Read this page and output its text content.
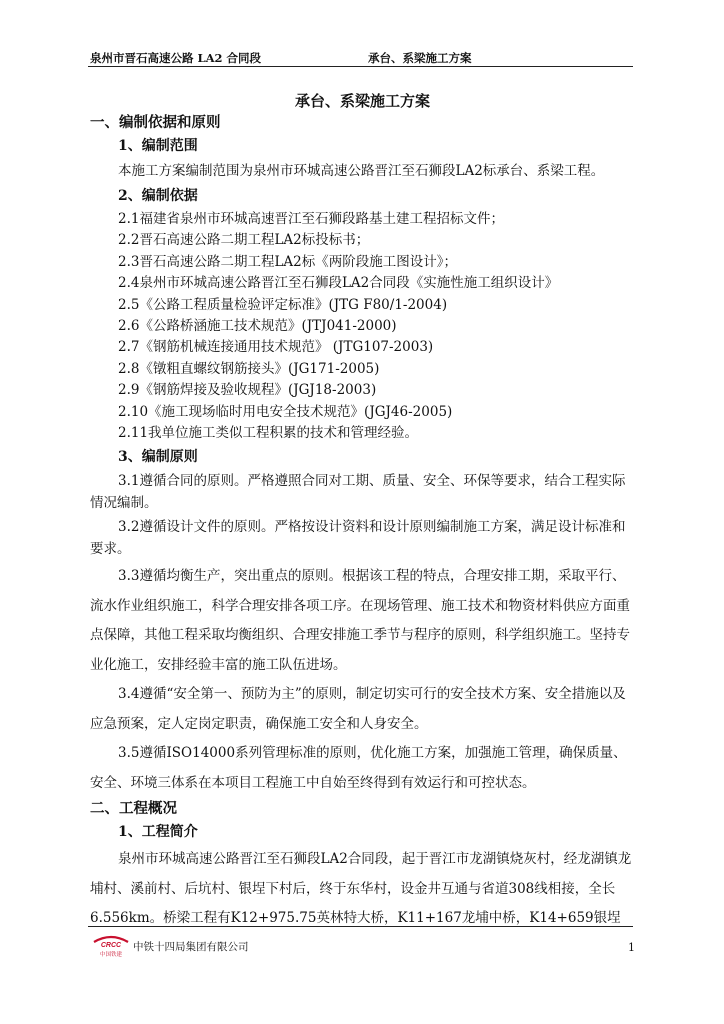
泉州市晋石高速公路 LA2 合同段	承台、系梁施工方案
承台、系梁施工方案
一、编制依据和原则
1、编制范围
本施工方案编制范围为泉州市环城高速公路晋江至石狮段LA2标承台、系梁工程。
2、编制依据
2.1福建省泉州市环城高速晋江至石狮段路基土建工程招标文件；
2.2晋石高速公路二期工程LA2标投标书；
2.3晋石高速公路二期工程LA2标《两阶段施工图设计》；
2.4泉州市环城高速公路晋江至石狮段LA2合同段《实施性施工组织设计》
2.5《公路工程质量检验评定标准》(JTG F80/1-2004)
2.6《公路桥涵施工技术规范》(JTJ041-2000)
2.7《钢筋机械连接通用技术规范》 (JTG107-2003)
2.8《镦粗直螺纹钢筋接头》(JG171-2005)
2.9《钢筋焊接及验收规程》(JGJ18-2003)
2.10《施工现场临时用电安全技术规范》(JGJ46-2005)
2.11我单位施工类似工程积累的技术和管理经验。
3、编制原则
3.1遵循合同的原则。严格遵照合同对工期、质量、安全、环保等要求，结合工程实际情况编制。
3.2遵循设计文件的原则。严格按设计资料和设计原则编制施工方案，满足设计标准和要求。
3.3遵循均衡生产，突出重点的原则。根据该工程的特点，合理安排工期，采取平行、流水作业组织施工，科学合理安排各项工序。在现场管理、施工技术和物资材料供应方面重点保障，其他工程采取均衡组织、合理安排施工季节与程序的原则，科学组织施工。坚持专业化施工，安排经验丰富的施工队伍进场。
3.4遵循“安全第一、预防为主”的原则，制定切实可行的安全技术方案、安全措施以及应急预案，定人定岗定职责，确保施工安全和人身安全。
3.5遵循ISO14000系列管理标准的原则，优化施工方案，加强施工管理，确保质量、安全、环境三体系在本项目工程施工中自始至终得到有效运行和可控状态。
二、工程概况
1、工程简介
泉州市环城高速公路晋江至石狮段LA2合同段，起于晋江市龙湖镇烧灰村，经龙湖镇龙埔村、溪前村、后坑村、银埕下村后，终于东华村，设金井互通与省道308线相接，全长6.556km。桥梁工程有K12+975.75英林特大桥，K11+167龙埔中桥，K14+659银埕
CRCC
中国铁建
中铁十四局集团有限公司	1
